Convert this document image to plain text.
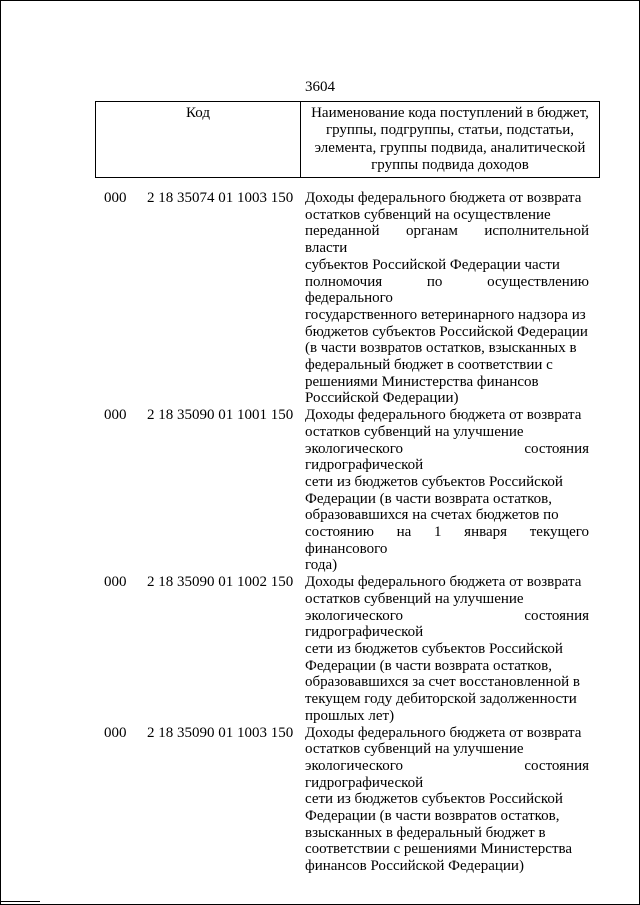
3604
Код	Наименование кода поступлений в бюджет,
группы, подгруппы, статьи, подстатьи,
элемента, группы подвида, аналитической
группы подвида доходов
000 2 18 35074 01 1003 150 Доходы федерального бюджета от возврата
остатков субвенций на осуществление
переданной органам исполнительной власти
субъектов Российской Федерации части
полномочия по осуществлению федерального
государственного ветеринарного надзора из
бюджетов субъектов Российской Федерации
(в части возвратов остатков, взысканных в
федеральный бюджет в соответствии с
решениями Министерства финансов
Российской Федерации)
000 2 18 35090 01 1001 150 Доходы федерального бюджета от возврата
остатков субвенций на улучшение
экологического состояния гидрографической
сети из бюджетов субъектов Российской
Федерации (в части возврата остатков,
образовавшихся на счетах бюджетов по
состоянию на 1 января текущего финансового
года)
000 2 18 35090 01 1002 150 Доходы федерального бюджета от возврата
остатков субвенций на улучшение
экологического состояния гидрографической
сети из бюджетов субъектов Российской
Федерации (в части возврата остатков,
образовавшихся за счет восстановленной в
текущем году дебиторской задолженности
прошлых лет)
000 2 18 35090 01 1003 150 Доходы федерального бюджета от возврата
остатков субвенций на улучшение
экологического состояния гидрографической
сети из бюджетов субъектов Российской
Федерации (в части возвратов остатков,
взысканных в федеральный бюджет в
соответствии с решениями Министерства
финансов Российской Федерации)
